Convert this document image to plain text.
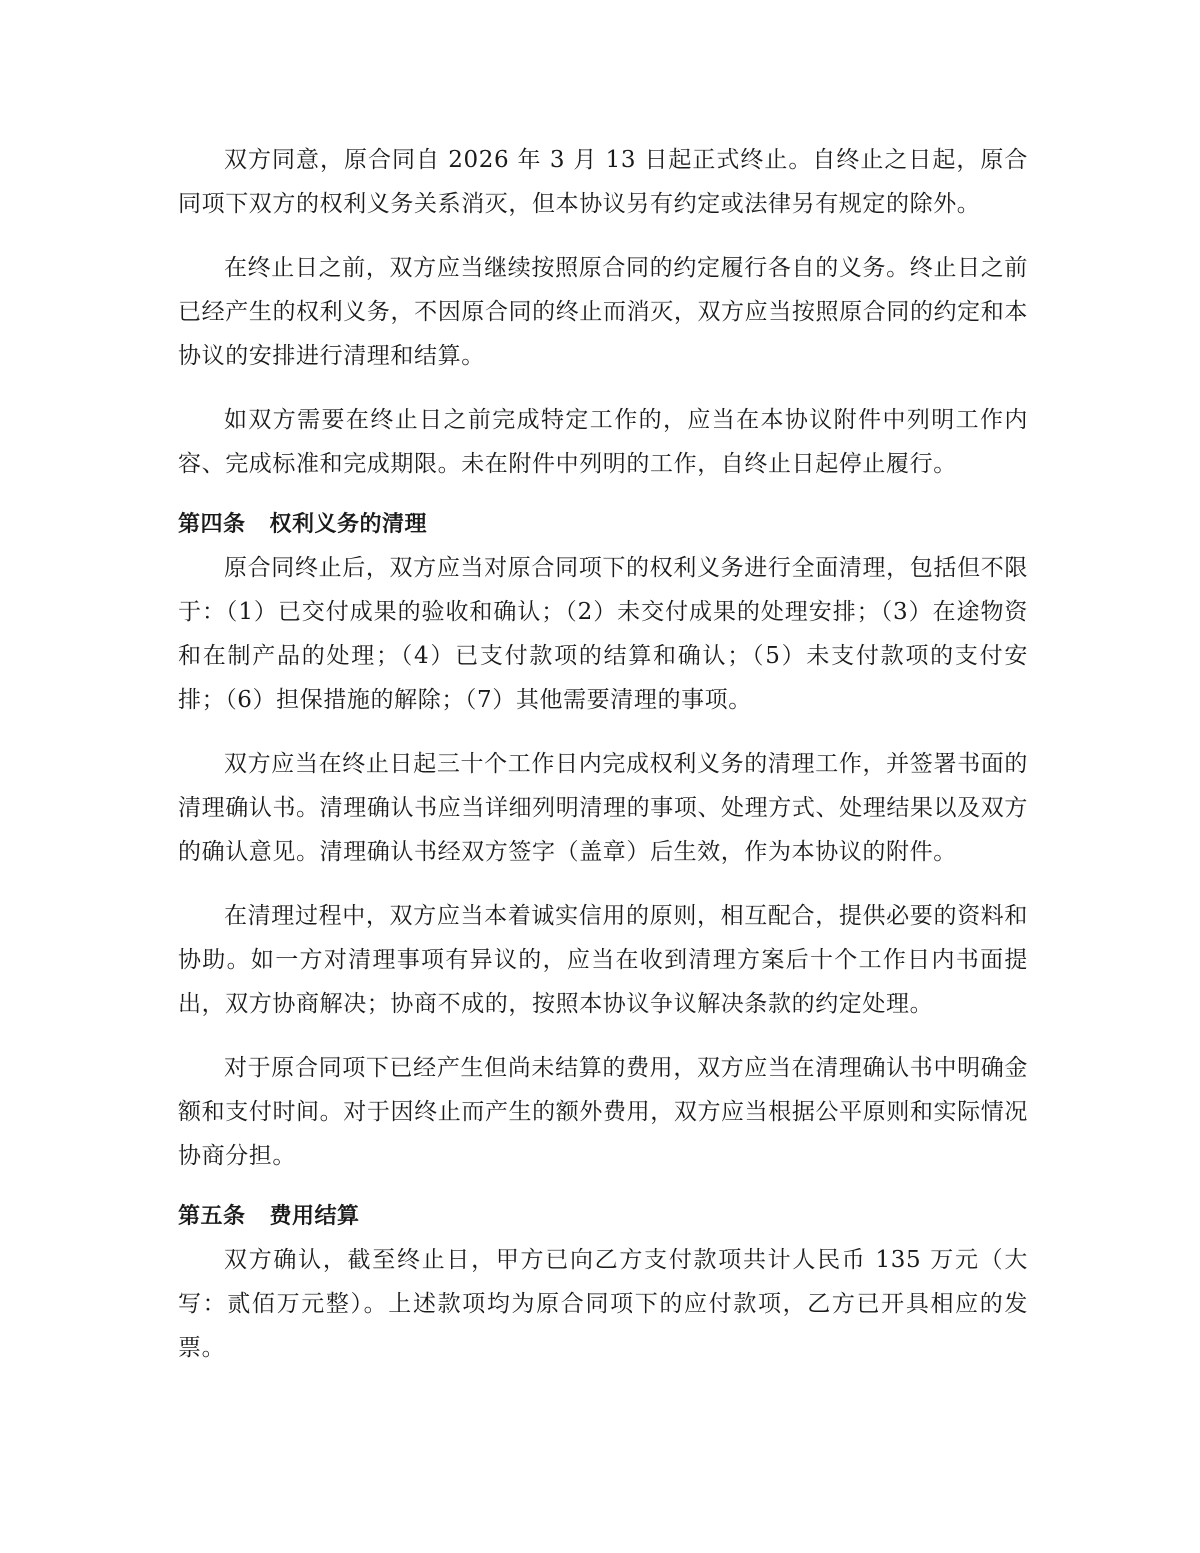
双方同意，原合同自 2026 年 3 月 13 日起正式终止。自终止之日起，原合同项下双方的权利义务关系消灭，但本协议另有约定或法律另有规定的除外。

在终止日之前，双方应当继续按照原合同的约定履行各自的义务。终止日之前已经产生的权利义务，不因原合同的终止而消灭，双方应当按照原合同的约定和本协议的安排进行清理和结算。

如双方需要在终止日之前完成特定工作的，应当在本协议附件中列明工作内容、完成标准和完成期限。未在附件中列明的工作，自终止日起停止履行。

第四条 权利义务的清理

原合同终止后，双方应当对原合同项下的权利义务进行全面清理，包括但不限于：（1）已交付成果的验收和确认；（2）未交付成果的处理安排；（3）在途物资和在制产品的处理；（4）已支付款项的结算和确认；（5）未支付款项的支付安排；（6）担保措施的解除；（7）其他需要清理的事项。

双方应当在终止日起三十个工作日内完成权利义务的清理工作，并签署书面的清理确认书。清理确认书应当详细列明清理的事项、处理方式、处理结果以及双方的确认意见。清理确认书经双方签字（盖章）后生效，作为本协议的附件。

在清理过程中，双方应当本着诚实信用的原则，相互配合，提供必要的资料和协助。如一方对清理事项有异议的，应当在收到清理方案后十个工作日内书面提出，双方协商解决；协商不成的，按照本协议争议解决条款的约定处理。

对于原合同项下已经产生但尚未结算的费用，双方应当在清理确认书中明确金额和支付时间。对于因终止而产生的额外费用，双方应当根据公平原则和实际情况协商分担。

第五条 费用结算

双方确认，截至终止日，甲方已向乙方支付款项共计人民币 135 万元（大写：贰佰万元整）。上述款项均为原合同项下的应付款项，乙方已开具相应的发票。
